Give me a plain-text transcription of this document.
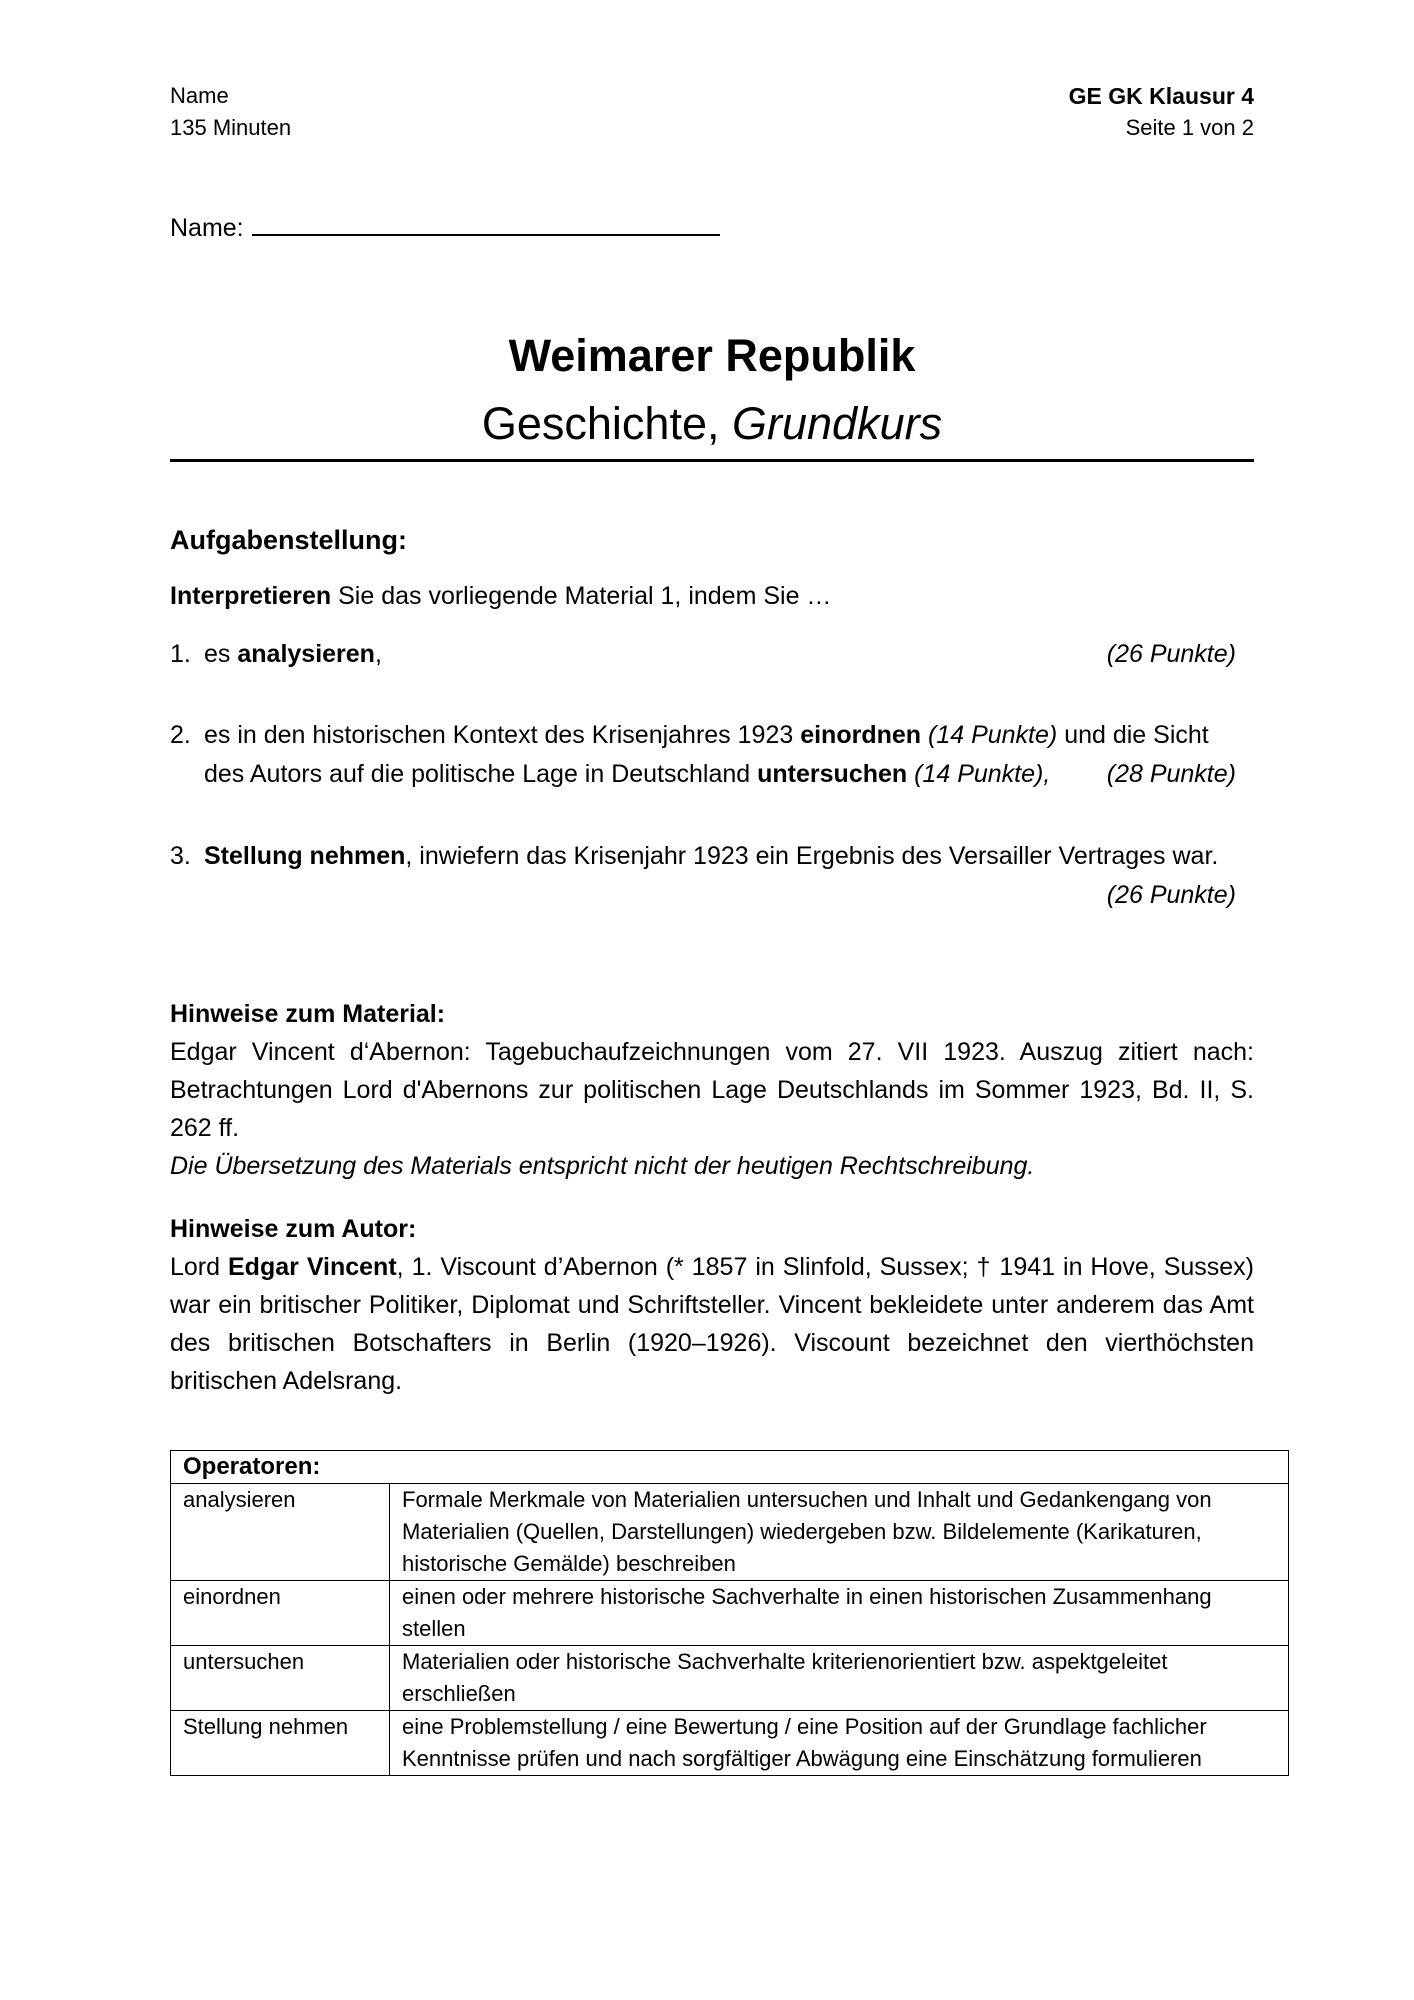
Name
135 Minuten
GE GK Klausur 4
Seite 1 von 2
Name:
Weimarer Republik
Geschichte, Grundkurs
Aufgabenstellung:
Interpretieren Sie das vorliegende Material 1, indem Sie …
1. es analysieren,	(26 Punkte)
2. es in den historischen Kontext des Krisenjahres 1923 einordnen (14 Punkte) und die Sicht
des Autors auf die politische Lage in Deutschland untersuchen (14 Punkte),	(28 Punkte)
3. Stellung nehmen, inwiefern das Krisenjahr 1923 ein Ergebnis des Versailler Vertrages war.
(26 Punkte)
Hinweise zum Material:
Edgar Vincent d‘Abernon: Tagebuchaufzeichnungen vom 27. VII 1923. Auszug zitiert nach: Betrachtungen Lord d'Abernons zur politischen Lage Deutschlands im Sommer 1923, Bd. II, S. 262 ff.
Die Übersetzung des Materials entspricht nicht der heutigen Rechtschreibung.
Hinweise zum Autor:
Lord Edgar Vincent, 1. Viscount d’Abernon (* 1857 in Slinfold, Sussex; † 1941 in Hove, Sussex) war ein britischer Politiker, Diplomat und Schriftsteller. Vincent bekleidete unter anderem das Amt des britischen Botschafters in Berlin (1920–1926). Viscount bezeichnet den vierthöchsten britischen Adelsrang.
Operatoren:	
analysieren	Formale Merkmale von Materialien untersuchen und Inhalt und Gedankengang von Materialien (Quellen, Darstellungen) wiedergeben bzw. Bildelemente (Karikaturen, historische Gemälde) beschreiben
einordnen	einen oder mehrere historische Sachverhalte in einen historischen Zusammenhang stellen
untersuchen	Materialien oder historische Sachverhalte kriterienorientiert bzw. aspektgeleitet erschließen
Stellung nehmen	eine Problemstellung / eine Bewertung / eine Position auf der Grundlage fachlicher Kenntnisse prüfen und nach sorgfältiger Abwägung eine Einschätzung formulieren
